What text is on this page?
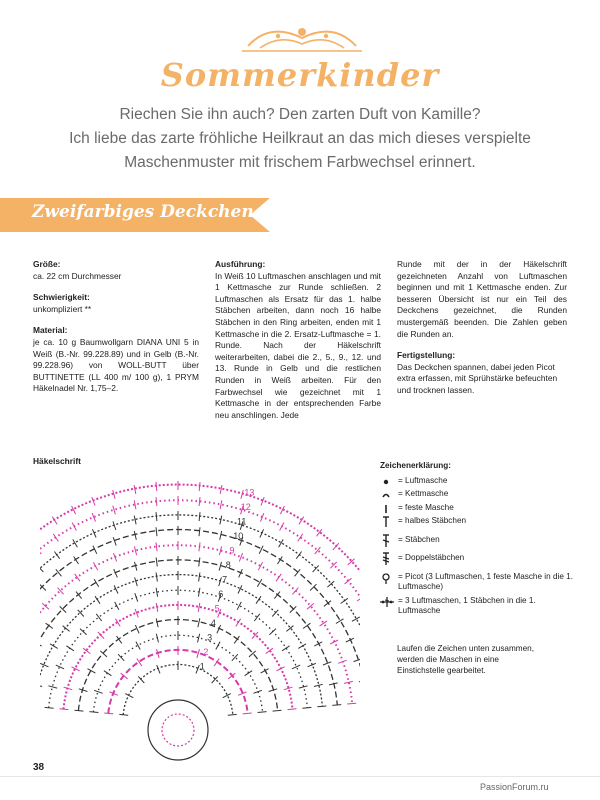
Sommerkinder
Riechen Sie ihn auch? Den zarten Duft von Kamille?
Ich liebe das zarte fröhliche Heilkraut an das mich dieses verspielte
Maschenmuster mit frischem Farbwechsel erinnert.
Zweifarbiges Deckchen
Größe:
ca. 22 cm Durchmesser
Schwierigkeit:
unkompliziert **
Material:
je ca. 10 g Baumwollgarn DIANA UNI 5 in Weiß (B.-Nr. 99.228.89) und in Gelb (B.-Nr. 99.228.96) von WOLL-BUTT über BUTTINETTE (LL 400 m/ 100 g), 1 PRYM Häkelnadel Nr. 1,75–2.
Ausführung:
In Weiß 10 Luftmaschen anschlagen und mit 1 Kettmasche zur Runde schließen. 2 Luftmaschen als Ersatz für das 1. halbe Stäbchen arbeiten, dann noch 16 halbe Stäbchen in den Ring arbeiten, enden mit 1 Kettmasche in die 2. Ersatz-Luftmasche = 1. Runde. Nach der Häkelschrift weiterarbeiten, dabei die 2., 5., 9., 12. und 13. Runde in Gelb und die restlichen Runden in Weiß arbeiten. Für den Farbwechsel wie gezeichnet mit 1 Kettmasche in der entsprechenden Farbe neu anschlingen. Jede
Runde mit der in der Häkelschrift gezeichneten Anzahl von Luftmaschen beginnen und mit 1 Kettmasche enden. Zur besseren Übersicht ist nur ein Teil des Deckchens gezeichnet, die Runden mustergemäß beenden. Die Zahlen geben die Runden an.
Fertigstellung:
Das Deckchen spannen, dabei jeden Picot extra erfassen, mit Sprühstärke befeuchten und trocknen lassen.
Häkelschrift
1
2
3
4
5
6
7
8
9
10
11
12
13
Zeichenerklärung:
= Luftmasche
= Kettmasche
= feste Masche
= halbes Stäbchen
= Stäbchen
= Doppelstäbchen
= Picot (3 Luftmaschen, 1 feste Masche in die 1. Luftmasche)
= 3 Luftmaschen, 1 Stäbchen in die 1. Luftmasche
Laufen die Zeichen unten zusammen, werden die Maschen in eine Einstichstelle gearbeitet.
38
PassionForum.ru
